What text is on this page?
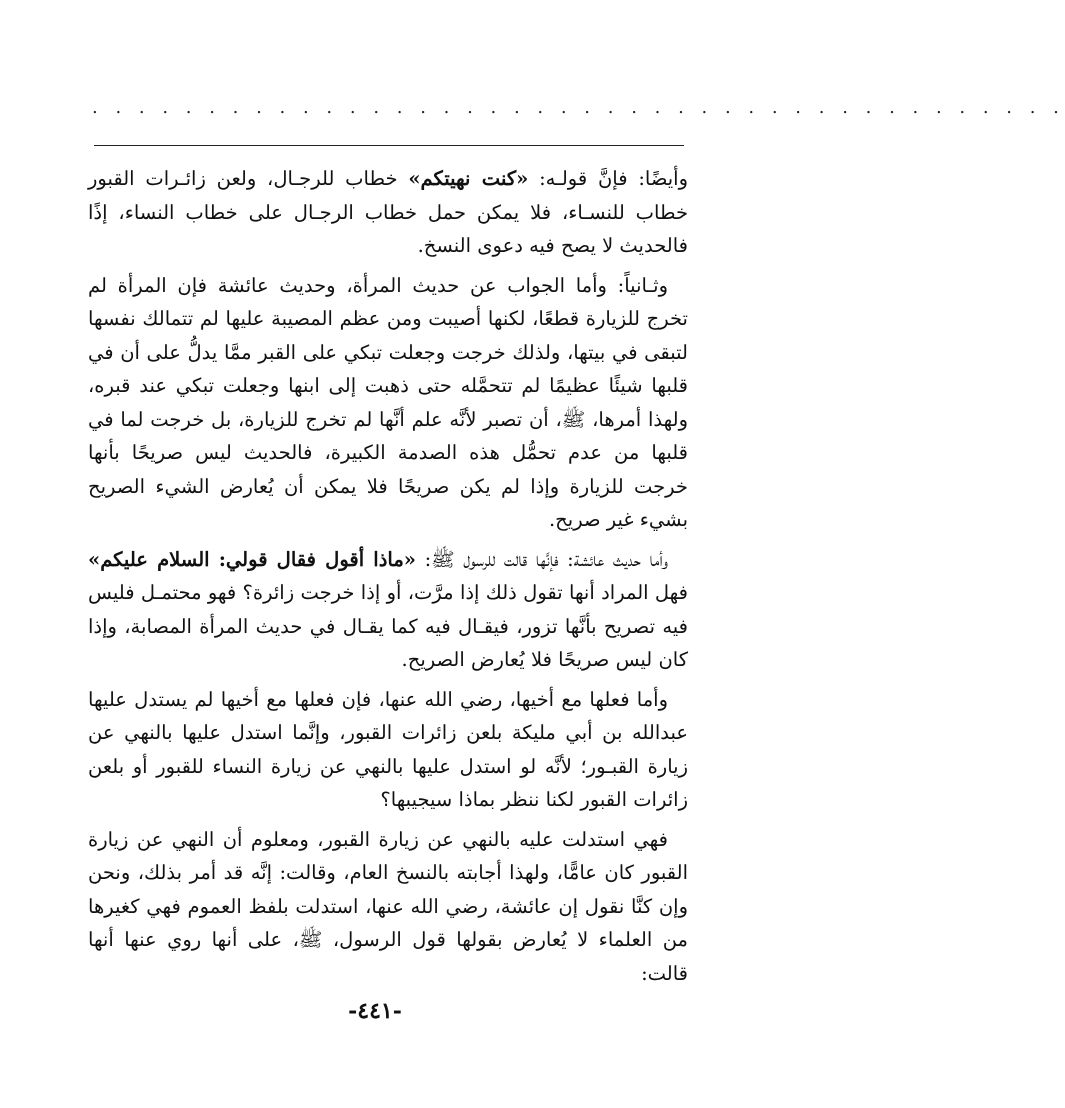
. . . . . . . . . . . . . . . . . . . . . . . . . . . . . . . . . . . . . . . . . .

وأيضًا: فإنَّ قولـه: «كنت نهيتكم» خطاب للرجـال، ولعن زائـرات القبور خطاب للنسـاء، فلا يمكن حمل خطاب الرجـال على خطاب النساء، إذًا فالحديث لا يصح فيه دعوى النسخ.

وثـانياً: وأما الجواب عن حديث المرأة، وحديث عائشة فإن المرأة لم تخرج للزيارة قطعًا، لكنها أصيبت ومن عظم المصيبة عليها لم تتمالك نفسها لتبقى في بيتها، ولذلك خرجت وجعلت تبكي على القبر ممَّا يدلُّ على أن في قلبها شيئًا عظيمًا لم تتحمَّله حتى ذهبت إلى ابنها وجعلت تبكي عند قبره، ولهذا أمرها، ﷺ، أن تصبر لأنَّه علم أنَّها لم تخرج للزيارة، بل خرجت لما في قلبها من عدم تحمُّل هذه الصدمة الكبيرة، فالحديث ليس صريحًا بأنها خرجت للزيارة وإذا لم يكن صريحًا فلا يمكن أن يُعارض الشيء الصريح بشيء غير صريح.

وأما حديث عائشة: فإنَّها قالت للرسول ﷺ: «ماذا أقول فقال قولي: السلام عليكم» فهل المراد أنها تقول ذلك إذا مرَّت، أو إذا خرجت زائرة؟ فهو محتمـل فليس فيه تصريح بأنَّها تزور، فيقـال فيه كما يقـال في حديث المرأة المصابة، وإذا كان ليس صريحًا فلا يُعارض الصريح.

وأما فعلها مع أخيها، رضي الله عنها، فإن فعلها مع أخيها لم يستدل عليها عبدالله بن أبي مليكة بلعن زائرات القبور، وإنَّما استدل عليها بالنهي عن زيارة القبـور؛ لأنَّه لو استدل عليها بالنهي عن زيارة النساء للقبور أو بلعن زائرات القبور لكنا ننظر بماذا سيجيبها؟

فهي استدلت عليه بالنهي عن زيارة القبور، ومعلوم أن النهي عن زيارة القبور كان عامًّا، ولهذا أجابته بالنسخ العام، وقالت: إنَّه قد أمر بذلك، ونحن وإن كنَّا نقول إن عائشة، رضي الله عنها، استدلت بلفظ العموم فهي كغيرها من العلماء لا يُعارض بقولها قول الرسول، ﷺ، على أنها روي عنها أنها قالت:

-٤٤١-
